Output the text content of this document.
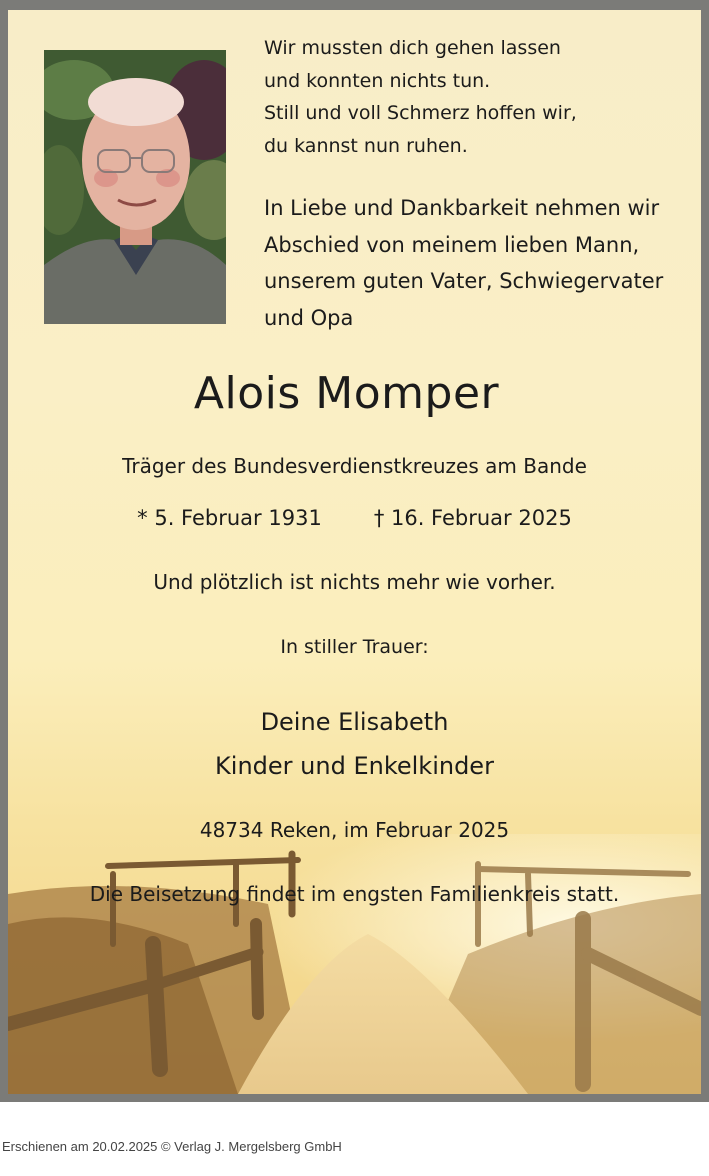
Wir mussten dich gehen lassen
und konnten nichts tun.
Still und voll Schmerz hoffen wir,
du kannst nun ruhen.
In Liebe und Dankbarkeit nehmen wir
Abschied von meinem lieben Mann,
unserem guten Vater, Schwiegervater
und Opa
Alois Momper
Träger des Bundesverdienstkreuzes am Bande
* 5. Februar 1931 † 16. Februar 2025
Und plötzlich ist nichts mehr wie vorher.
In stiller Trauer:
Deine Elisabeth
Kinder und Enkelkinder
48734 Reken, im Februar 2025
Die Beisetzung findet im engsten Familienkreis statt.
Erschienen am 20.02.2025 © Verlag J. Mergelsberg GmbH
